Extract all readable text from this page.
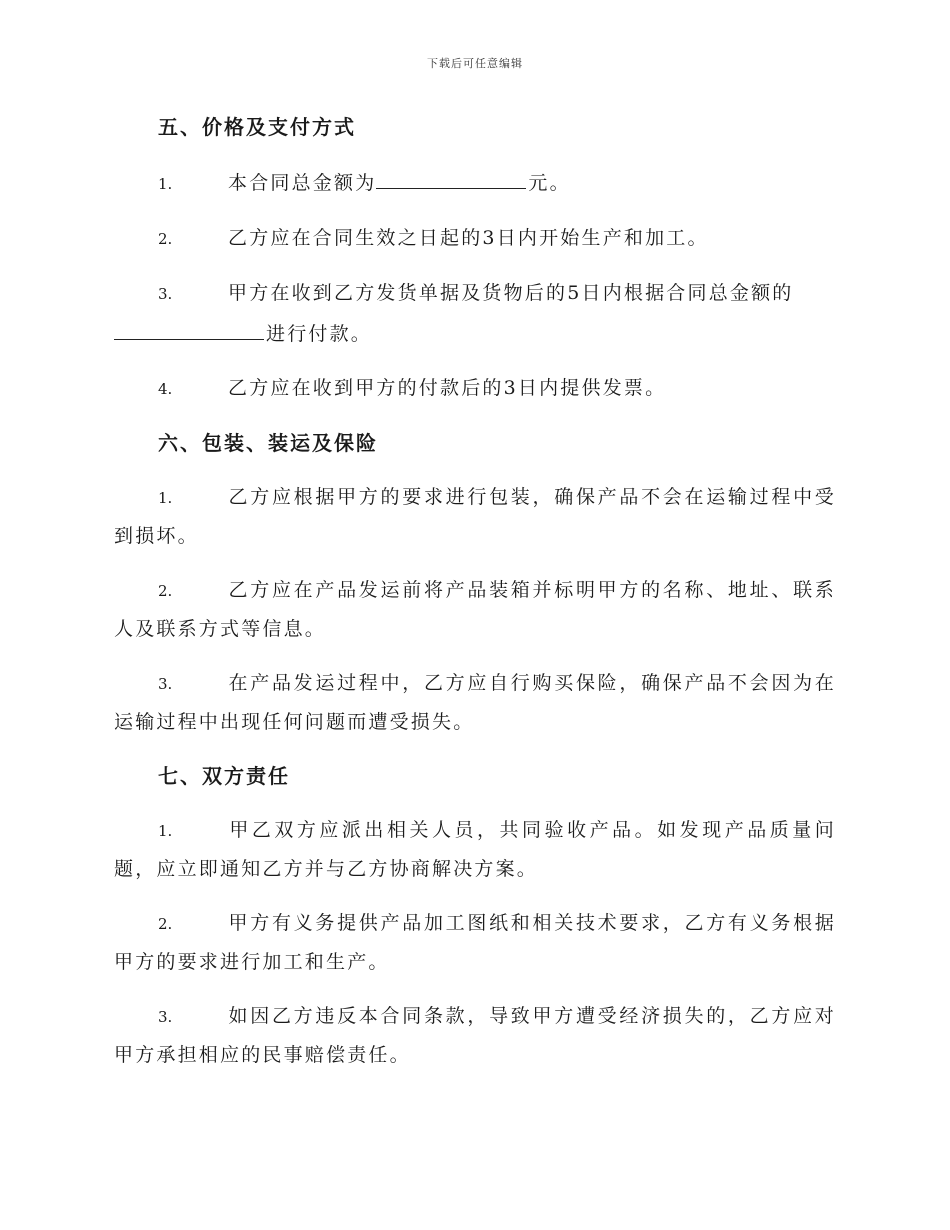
下载后可任意编辑
五、价格及支付方式
1.	本合同总金额为	元。
2.	乙方应在合同生效之日起的3日内开始生产和加工。
3.	甲方在收到乙方发货单据及货物后的5日内根据合同总金额的
进行付款。
4.	乙方应在收到甲方的付款后的3日内提供发票。
六、包装、装运及保险
1.	乙方应根据甲方的要求进行包装，确保产品不会在运输过程中受到损坏。
2.	乙方应在产品发运前将产品装箱并标明甲方的名称、地址、联系人及联系方式等信息。
3.	在产品发运过程中，乙方应自行购买保险，确保产品不会因为在运输过程中出现任何问题而遭受损失。
七、双方责任
1.	甲乙双方应派出相关人员，共同验收产品。如发现产品质量问题，应立即通知乙方并与乙方协商解决方案。
2.	甲方有义务提供产品加工图纸和相关技术要求，乙方有义务根据甲方的要求进行加工和生产。
3.	如因乙方违反本合同条款，导致甲方遭受经济损失的，乙方应对甲方承担相应的民事赔偿责任。
